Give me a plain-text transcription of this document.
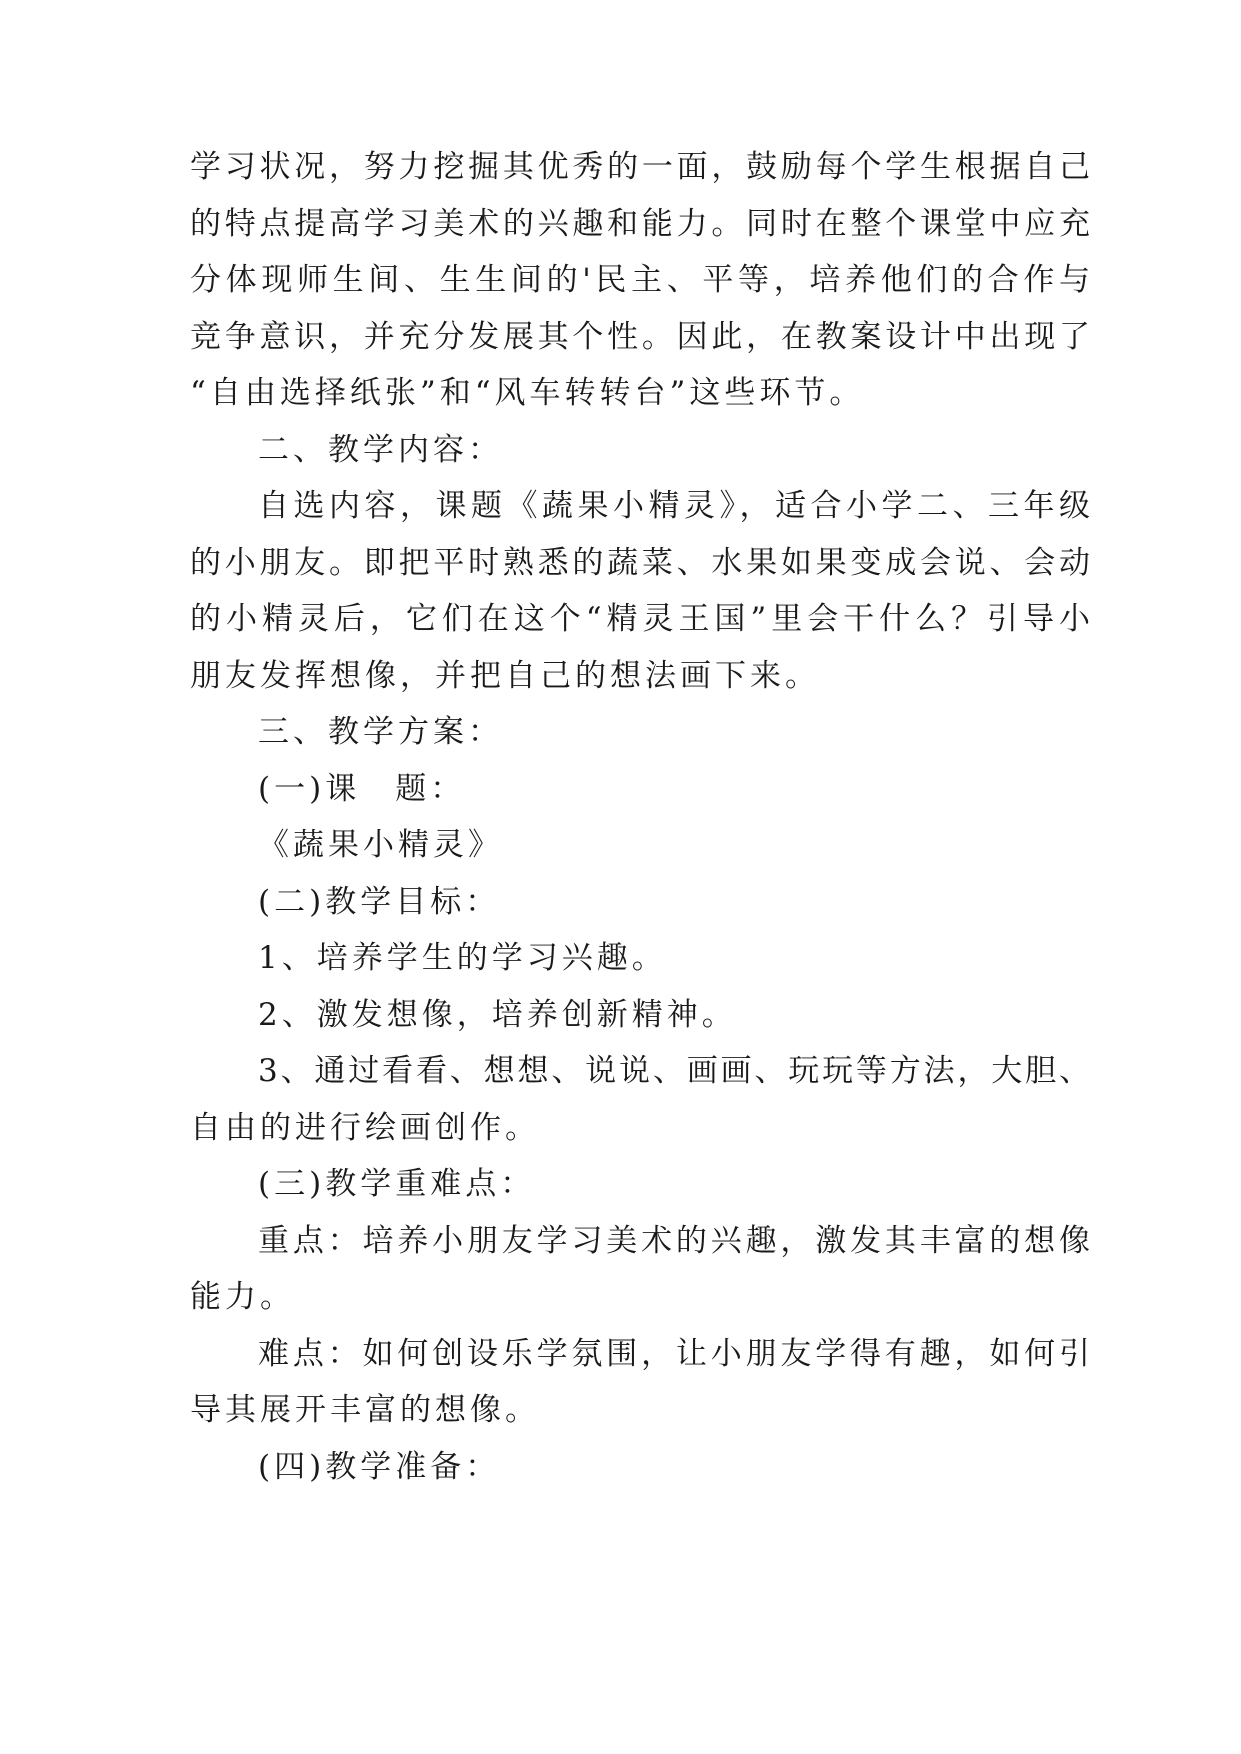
学习状况，努力挖掘其优秀的一面，鼓励每个学生根据自己
的特点提高学习美术的兴趣和能力。同时在整个课堂中应充
分体现师生间、生生间的'民主、平等，培养他们的合作与
竞争意识，并充分发展其个性。因此，在教案设计中出现了
“自由选择纸张”和“风车转转台”这些环节。
二、教学内容：
自选内容，课题《蔬果小精灵》，适合小学二、三年级
的小朋友。即把平时熟悉的蔬菜、水果如果变成会说、会动
的小精灵后，它们在这个“精灵王国”里会干什么？引导小
朋友发挥想像，并把自己的想法画下来。
三、教学方案：
(一)课　题：
《蔬果小精灵》
(二)教学目标：
1、培养学生的学习兴趣。
2、激发想像，培养创新精神。
3、通过看看、想想、说说、画画、玩玩等方法，大胆、
自由的进行绘画创作。
(三)教学重难点：
重点：培养小朋友学习美术的兴趣，激发其丰富的想像
能力。
难点：如何创设乐学氛围，让小朋友学得有趣，如何引
导其展开丰富的想像。
(四)教学准备：
